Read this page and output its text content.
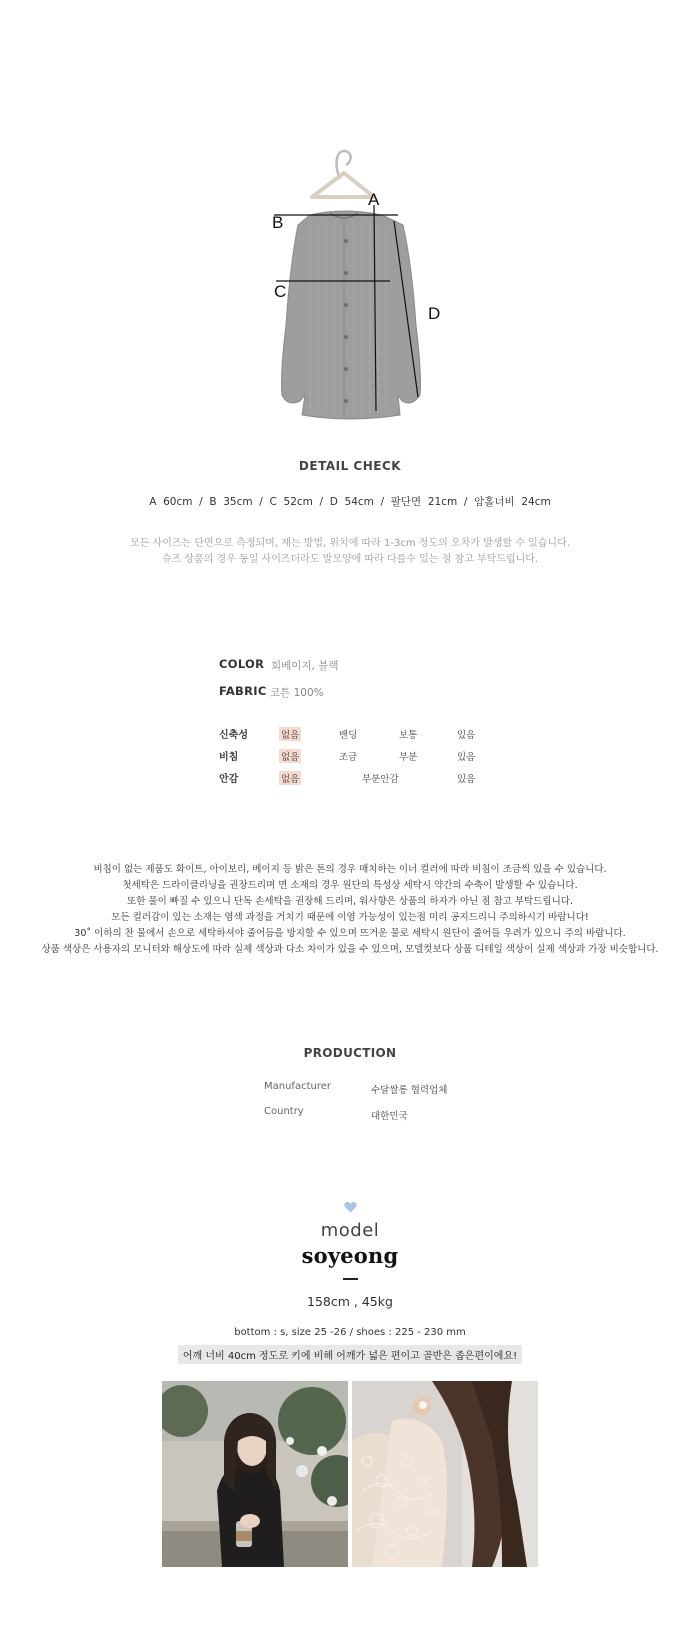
A
B
C
D
DETAIL CHECK
A  60cm  /  B  35cm  /  C  52cm  /  D  54cm  /  팔단면  21cm  /  암홀너비  24cm
모든 사이즈는 단면으로 측정되며, 재는 방법, 위치에 따라 1-3cm 정도의 오차가 발생할 수 있습니다.
슈즈 상품의 경우 동일 사이즈더라도 발모양에 따라 다를수 있는 점 참고 부탁드립니다.
COLOR 회베이지, 블랙
FABRIC 코튼 100%
신축성	없음	밴딩	보통	있음
비침	없음	조금	부분	있음
안감	없음	부분안감	있음
비침이 없는 제품도 화이트, 아이보리, 베이지 등 밝은 톤의 경우 매치하는 이너 컬러에 따라 비침이 조금씩 있을 수 있습니다.
첫세탁은 드라이클리닝을 권장드리며 면 소재의 경우 원단의 특성상 세탁시 약간의 수축이 발생할 수 있습니다.
또한 물이 빠질 수 있으니 단독 손세탁을 권장해 드리며, 워사향은 상품의 하자가 아닌 점 참고 부탁드립니다.
모든 컬러감이 있는 소재는 염색 과정을 거치기 때문에 이염 가능성이 있는점 미리 공지드리니 주의하시기 바랍니다!
30˚ 이하의 찬 물에서 손으로 세탁하셔야 줄어듬을 방지할 수 있으며 뜨거운 물로 세탁시 원단이 줄어들 우려가 있으니 주의 바랍니다.
상품 색상은 사용자의 모니터와 해상도에 따라 실제 색상과 다소 차이가 있을 수 있으며, 모델컷보다 상품 디테일 색상이 실제 색상과 가장 비슷합니다.
PRODUCTION
Manufacturer	수달쌀롱 협력업체
Country	대한민국
model
soyeong
158cm , 45kg
bottom : s, size 25 -26 / shoes : 225 - 230 mm
어깨 너비 40cm 정도로 키에 비해 어깨가 넓은 편이고 골반은 좁은편이에요!
